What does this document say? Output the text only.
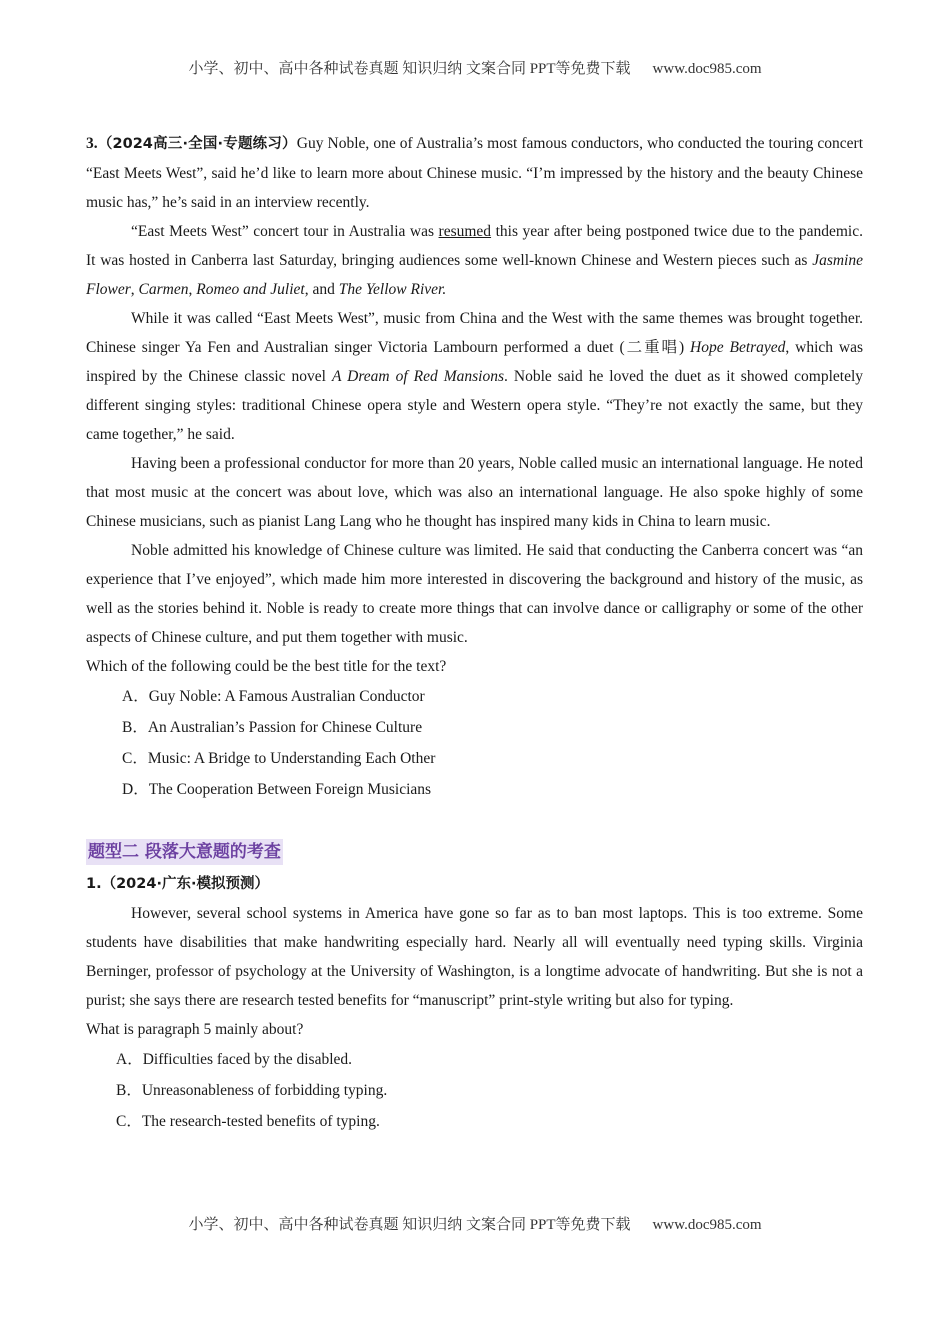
小学、初中、高中各种试卷真题 知识归纳 文案合同 PPT等免费下载 www.doc985.com

3.（2024高三·全国·专题练习）Guy Noble, one of Australia’s most famous conductors, who conducted the touring concert “East Meets West”, said he’d like to learn more about Chinese music. “I’m impressed by the history and the beauty Chinese music has,” he’s said in an interview recently.

“East Meets West” concert tour in Australia was resumed this year after being postponed twice due to the pandemic. It was hosted in Canberra last Saturday, bringing audiences some well-known Chinese and Western pieces such as Jasmine Flower, Carmen, Romeo and Juliet, and The Yellow River.

While it was called “East Meets West”, music from China and the West with the same themes was brought together. Chinese singer Ya Fen and Australian singer Victoria Lambourn performed a duet (二重唱) Hope Betrayed, which was inspired by the Chinese classic novel A Dream of Red Mansions. Noble said he loved the duet as it showed completely different singing styles: traditional Chinese opera style and Western opera style. “They’re not exactly the same, but they came together,” he said.

Having been a professional conductor for more than 20 years, Noble called music an international language. He noted that most music at the concert was about love, which was also an international language. He also spoke highly of some Chinese musicians, such as pianist Lang Lang who he thought has inspired many kids in China to learn music.

Noble admitted his knowledge of Chinese culture was limited. He said that conducting the Canberra concert was “an experience that I’ve enjoyed”, which made him more interested in discovering the background and history of the music, as well as the stories behind it. Noble is ready to create more things that can involve dance or calligraphy or some of the other aspects of Chinese culture, and put them together with music.

Which of the following could be the best title for the text?

A．Guy Noble: A Famous Australian Conductor
B．An Australian’s Passion for Chinese Culture
C．Music: A Bridge to Understanding Each Other
D．The Cooperation Between Foreign Musicians
题型二 段落大意题的考查
1.（2024·广东·模拟预测）

However, several school systems in America have gone so far as to ban most laptops. This is too extreme. Some students have disabilities that make handwriting especially hard. Nearly all will eventually need typing skills. Virginia Berninger, professor of psychology at the University of Washington, is a longtime advocate of handwriting. But she is not a purist; she says there are research tested benefits for “manuscript” print-style writing but also for typing.

What is paragraph 5 mainly about?

A．Difficulties faced by the disabled.
B．Unreasonableness of forbidding typing.
C．The research-tested benefits of typing.
小学、初中、高中各种试卷真题 知识归纳 文案合同 PPT等免费下载 www.doc985.com
